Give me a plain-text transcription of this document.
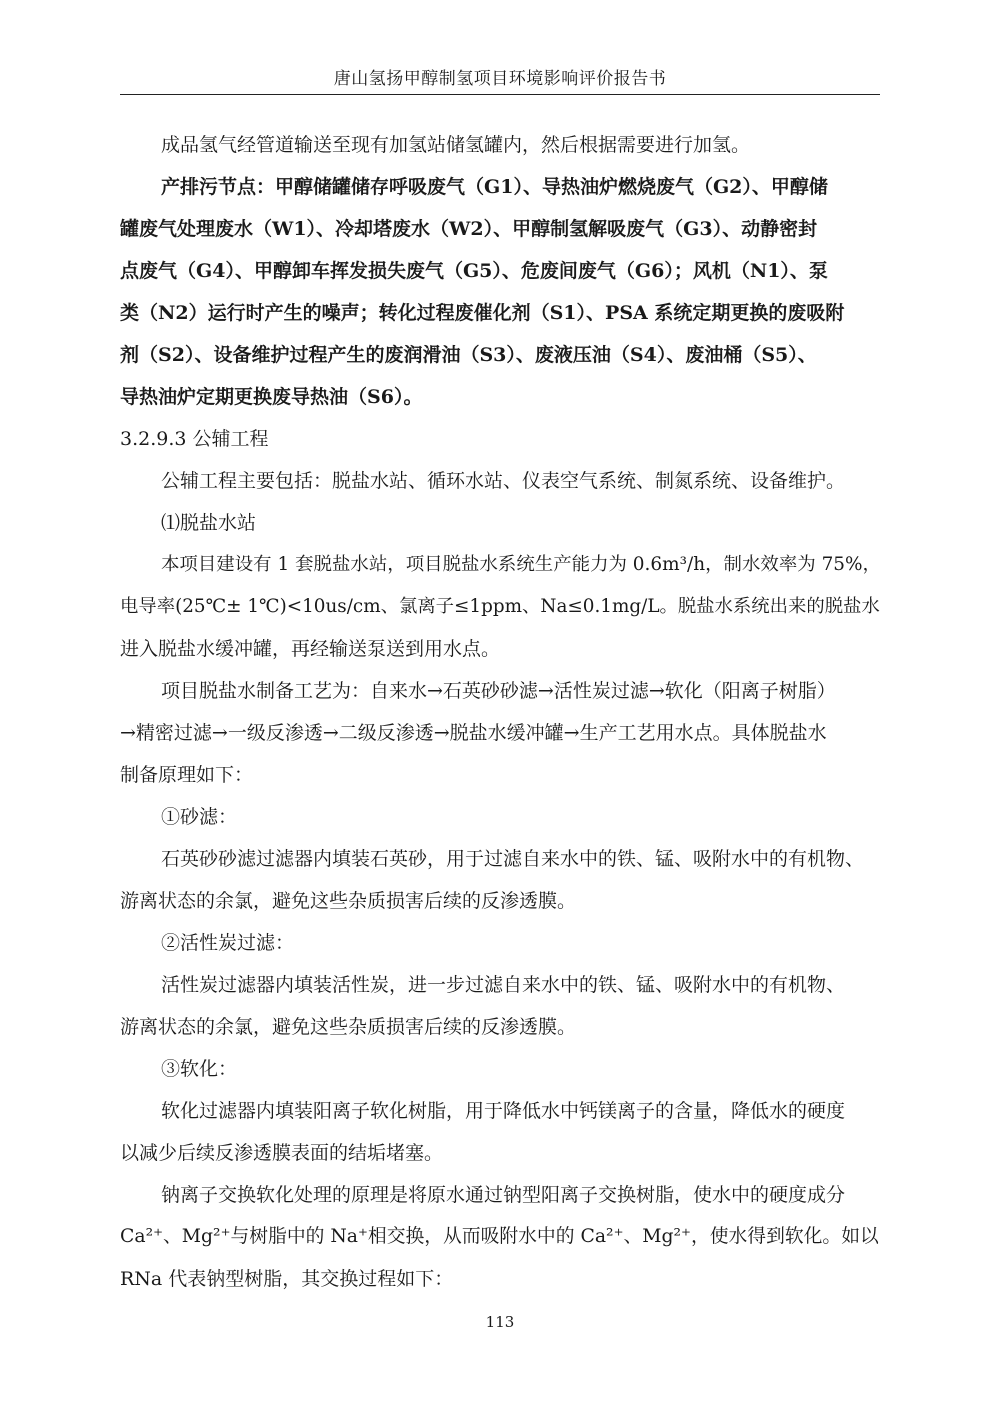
唐山氢扬甲醇制氢项目环境影响评价报告书
成品氢气经管道输送至现有加氢站储氢罐内，然后根据需要进行加氢。
产排污节点：甲醇储罐储存呼吸废气（G1）、导热油炉燃烧废气（G2）、甲醇储
罐废气处理废水（W1）、冷却塔废水（W2）、甲醇制氢解吸废气（G3）、动静密封
点废气（G4）、甲醇卸车挥发损失废气（G5）、危废间废气（G6）；风机（N1）、泵
类（N2）运行时产生的噪声；转化过程废催化剂（S1）、PSA 系统定期更换的废吸附
剂（S2）、设备维护过程产生的废润滑油（S3）、废液压油（S4）、废油桶（S5）、
导热油炉定期更换废导热油（S6）。
3.2.9.3 公辅工程
公辅工程主要包括：脱盐水站、循环水站、仪表空气系统、制氮系统、设备维护。
⑴脱盐水站
本项目建设有 1 套脱盐水站，项目脱盐水系统生产能力为 0.6m³/h，制水效率为 75%，
电导率(25℃± 1℃)<10us/cm、氯离子≤1ppm、Na≤0.1mg/L。脱盐水系统出来的脱盐水
进入脱盐水缓冲罐，再经输送泵送到用水点。
项目脱盐水制备工艺为：自来水→石英砂砂滤→活性炭过滤→软化（阳离子树脂）
→精密过滤→一级反渗透→二级反渗透→脱盐水缓冲罐→生产工艺用水点。具体脱盐水
制备原理如下：
①砂滤：
石英砂砂滤过滤器内填装石英砂，用于过滤自来水中的铁、锰、吸附水中的有机物、
游离状态的余氯，避免这些杂质损害后续的反渗透膜。
②活性炭过滤：
活性炭过滤器内填装活性炭，进一步过滤自来水中的铁、锰、吸附水中的有机物、
游离状态的余氯，避免这些杂质损害后续的反渗透膜。
③软化：
软化过滤器内填装阳离子软化树脂，用于降低水中钙镁离子的含量，降低水的硬度
以减少后续反渗透膜表面的结垢堵塞。
钠离子交换软化处理的原理是将原水通过钠型阳离子交换树脂，使水中的硬度成分
Ca²⁺、Mg²⁺与树脂中的 Na⁺相交换，从而吸附水中的 Ca²⁺、Mg²⁺，使水得到软化。如以
RNa 代表钠型树脂，其交换过程如下：
113
